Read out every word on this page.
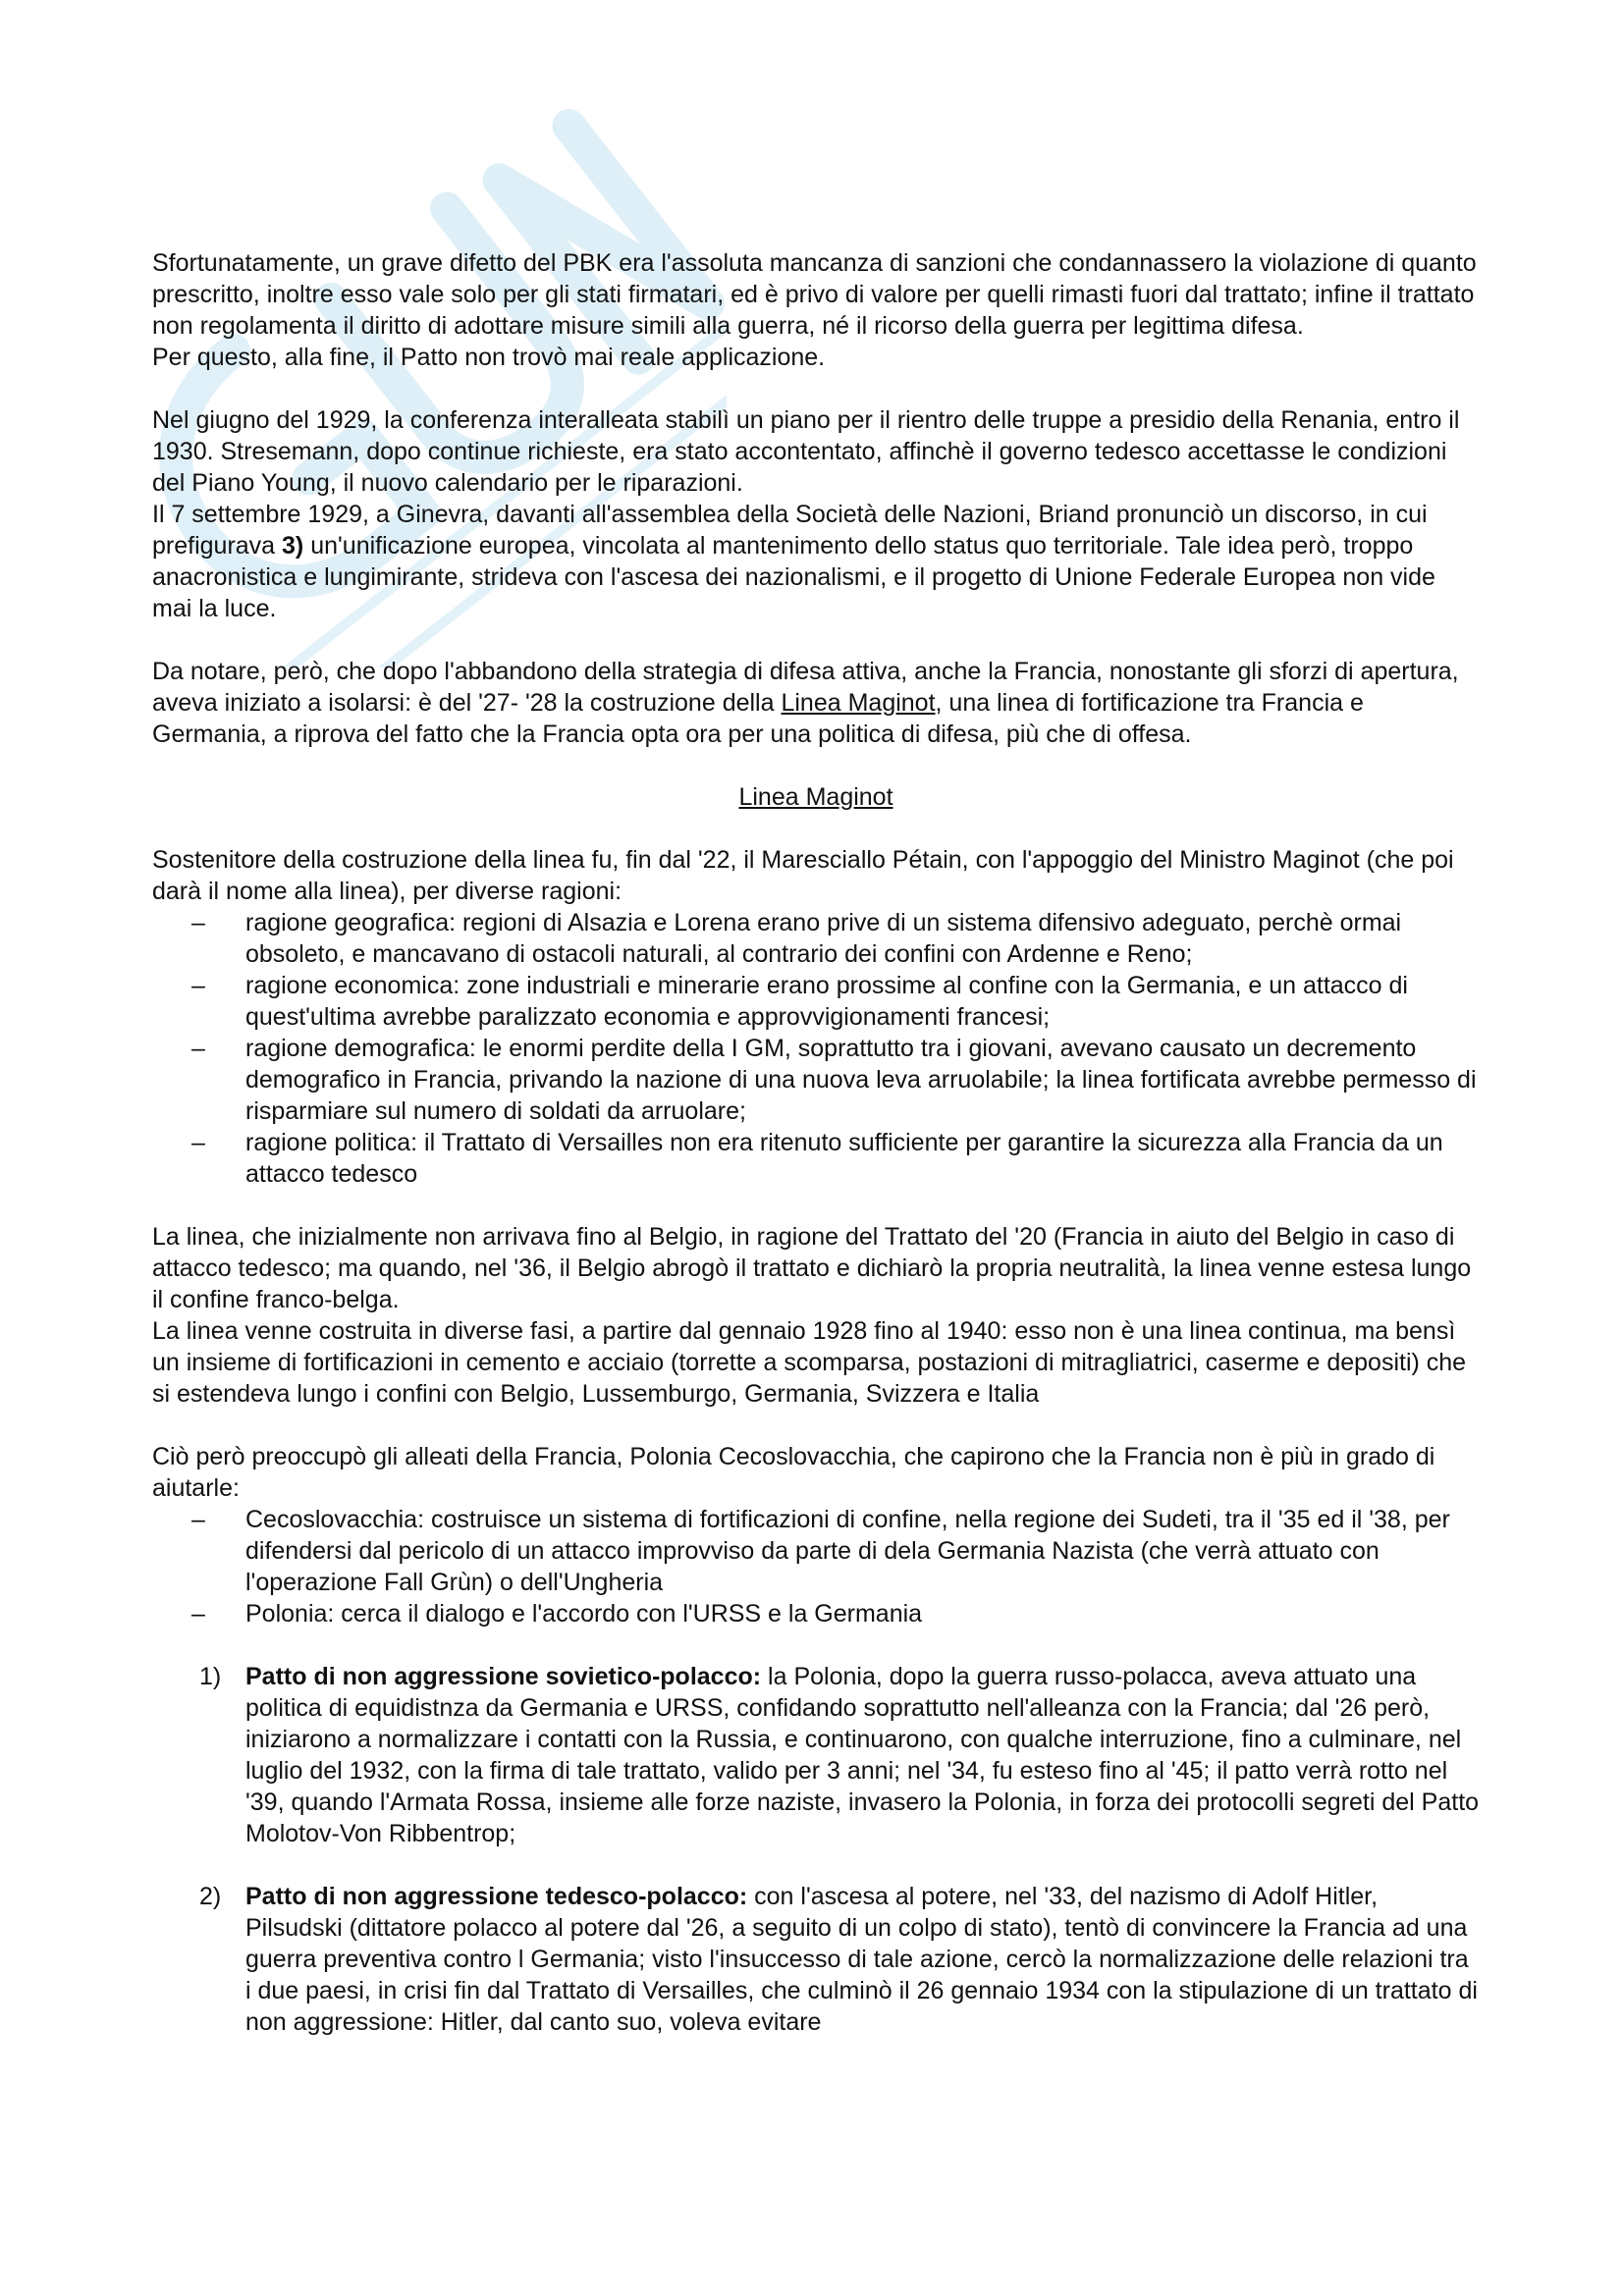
Sfortunatamente, un grave difetto del PBK era l'assoluta mancanza di sanzioni che condannassero la violazione di quanto prescritto, inoltre esso vale solo per gli stati firmatari, ed è privo di valore per quelli rimasti fuori dal trattato; infine il trattato non regolamenta il diritto di adottare misure simili alla guerra, né il ricorso della guerra per legittima difesa.

Per questo, alla fine, il Patto non trovò mai reale applicazione.

Nel giugno del 1929, la conferenza interalleata stabilì un piano per il rientro delle truppe a presidio della Renania, entro il 1930. Stresemann, dopo continue richieste, era stato accontentato, affinchè il governo tedesco accettasse le condizioni del Piano Young, il nuovo calendario per le riparazioni.

Il 7 settembre 1929, a Ginevra, davanti all'assemblea della Società delle Nazioni, Briand pronunciò un discorso, in cui prefigurava 3) un'unificazione europea, vincolata al mantenimento dello status quo territoriale. Tale idea però, troppo anacronistica e lungimirante, strideva con l'ascesa dei nazionalismi, e il progetto di Unione Federale Europea non vide mai la luce.

Da notare, però, che dopo l'abbandono della strategia di difesa attiva, anche la Francia, nonostante gli sforzi di apertura, aveva iniziato a isolarsi: è del '27- '28 la costruzione della Linea Maginot, una linea di fortificazione tra Francia e Germania, a riprova del fatto che la Francia opta ora per una politica di difesa, più che di offesa.

Linea Maginot

Sostenitore della costruzione della linea fu, fin dal '22, il Maresciallo Pétain, con l'appoggio del Ministro Maginot (che poi darà il nome alla linea), per diverse ragioni:

– ragione geografica: regioni di Alsazia e Lorena erano prive di un sistema difensivo adeguato, perchè ormai obsoleto, e mancavano di ostacoli naturali, al contrario dei confini con Ardenne e Reno;
– ragione economica: zone industriali e minerarie erano prossime al confine con la Germania, e un attacco di quest'ultima avrebbe paralizzato economia e approvvigionamenti francesi;
– ragione demografica: le enormi perdite della I GM, soprattutto tra i giovani, avevano causato un decremento demografico in Francia, privando la nazione di una nuova leva arruolabile; la linea fortificata avrebbe permesso di risparmiare sul numero di soldati da arruolare;
– ragione politica: il Trattato di Versailles non era ritenuto sufficiente per garantire la sicurezza alla Francia da un attacco tedesco

La linea, che inizialmente non arrivava fino al Belgio, in ragione del Trattato del '20 (Francia in aiuto del Belgio in caso di attacco tedesco; ma quando, nel '36, il Belgio abrogò il trattato e dichiarò la propria neutralità, la linea venne estesa lungo il confine franco-belga.

La linea venne costruita in diverse fasi, a partire dal gennaio 1928 fino al 1940: esso non è una linea continua, ma bensì un insieme di fortificazioni in cemento e acciaio (torrette a scomparsa, postazioni di mitragliatrici, caserme e depositi) che si estendeva lungo i confini con Belgio, Lussemburgo, Germania, Svizzera e Italia

Ciò però preoccupò gli alleati della Francia, Polonia Cecoslovacchia, che capirono che la Francia non è più in grado di aiutarle:

– Cecoslovacchia: costruisce un sistema di fortificazioni di confine, nella regione dei Sudeti, tra il '35 ed il '38, per difendersi dal pericolo di un attacco improvviso da parte di dela Germania Nazista (che verrà attuato con l'operazione Fall Grùn) o dell'Ungheria
– Polonia: cerca il dialogo e l'accordo con l'URSS e la Germania
1) Patto di non aggressione sovietico-polacco: la Polonia, dopo la guerra russo-polacca, aveva attuato una politica di equidistnza da Germania e URSS, confidando soprattutto nell'alleanza con la Francia; dal '26 però, iniziarono a normalizzare i contatti con la Russia, e continuarono, con qualche interruzione, fino a culminare, nel luglio del 1932, con la firma di tale trattato, valido per 3 anni; nel '34, fu esteso fino al '45; il patto verrà rotto nel '39, quando l'Armata Rossa, insieme alle forze naziste, invasero la Polonia, in forza dei protocolli segreti del Patto Molotov-Von Ribbentrop;
2) Patto di non aggressione tedesco-polacco: con l'ascesa al potere, nel '33, del nazismo di Adolf Hitler, Pilsudski (dittatore polacco al potere dal '26, a seguito di un colpo di stato), tentò di convincere la Francia ad una guerra preventiva contro l Germania; visto l'insuccesso di tale azione, cercò la normalizzazione delle relazioni tra i due paesi, in crisi fin dal Trattato di Versailles, che culminò il 26 gennaio 1934 con la stipulazione di un trattato di non aggressione: Hitler, dal canto suo, voleva evitare
